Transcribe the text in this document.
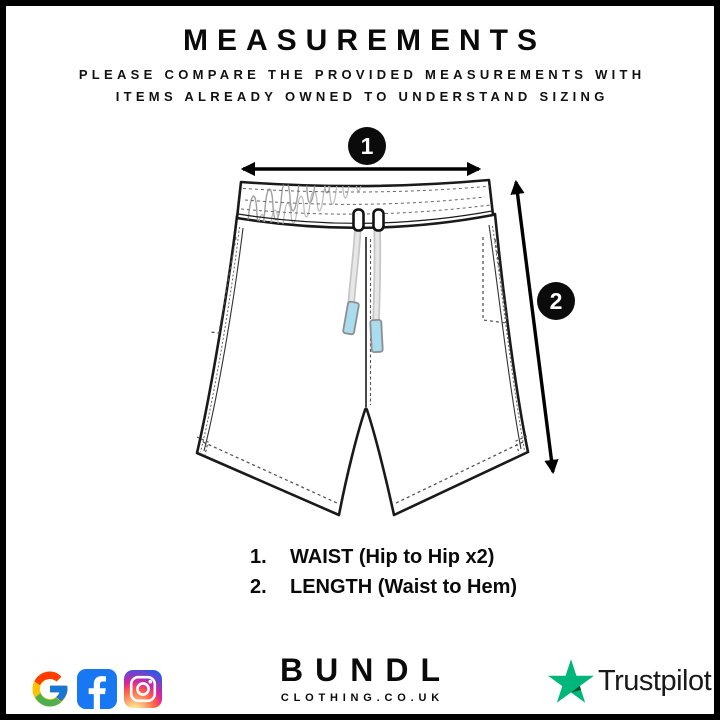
MEASUREMENTS
PLEASE COMPARE THE PROVIDED MEASUREMENTS WITH
ITEMS ALREADY OWNED TO UNDERSTAND SIZING
1
2
1.	WAIST (Hip to Hip x2)
2.	LENGTH (Waist to Hem)
BUNDL
CLOTHING.CO.UK
Trustpilot
